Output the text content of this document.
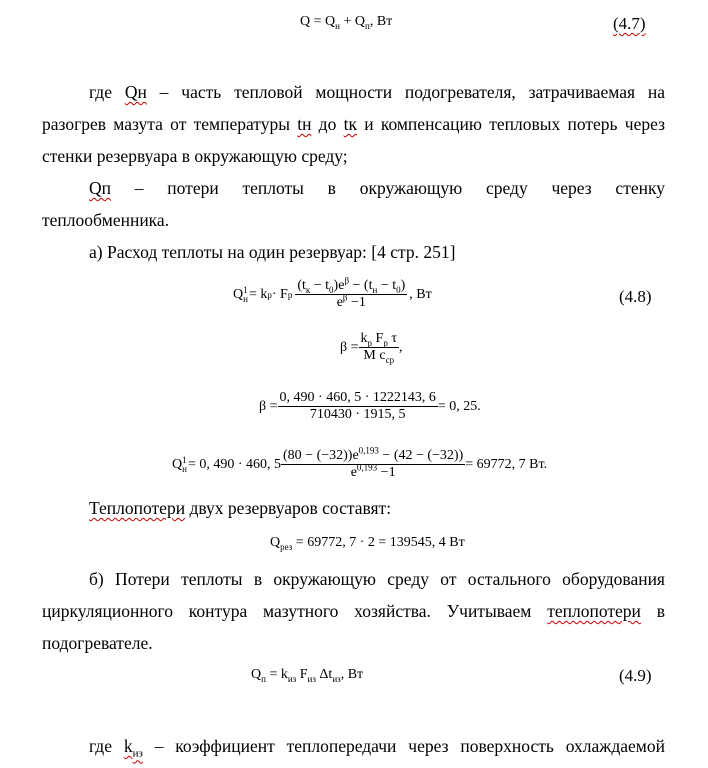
$Q = Q_н + Q_п$, Вт	(4.7)
где Qн – часть тепловой мощности подогревателя, затрачиваемая на
разогрев мазута от температуры tн до tк и компенсацию тепловых потерь через
стенки резервуара в окружающую среду;
Qп – потери теплоты в окружающую среду через стенку
теплообменника.
а) Расход теплоты на один резервуар: [4 стр. 251]
Q 1
н = k р · F р $\frac{(t_к - t_0)e^\beta - (t_н - t_0)}{e^\beta -1}$ , Вт	(4.8)
$\beta = \frac{k_р F_р \tau}{M c_{ср}}$ ,
$\beta = \frac{0, 490 \cdot 460, 5 \cdot 1222143, 6}{710430 \cdot 1915, 5} = 0$, 25.
Q 1
н = 0, 490 · 460, $5 \frac{(80 - (-32))e^{0,193} - (42 - (-32))}{e^{0,193} -1} = 69772$, 7 Вт.
Теплопотери двух резервуаров составят:
$Q_{рез} = 69772$, 7 · 2 = 139545, 4 Вт
б) Потери теплоты в окружающую среду от остального оборудования
циркуляционного контура мазутного хозяйства. Учитываем теплопотери в
подогревателе.
$Q_п = k_{из}$ $F_{из}$ $\Delta t_{из}$, Вт	(4.9)
где $k_{из}$ – коэффициент теплопередачи через поверхность охлаждаемой
